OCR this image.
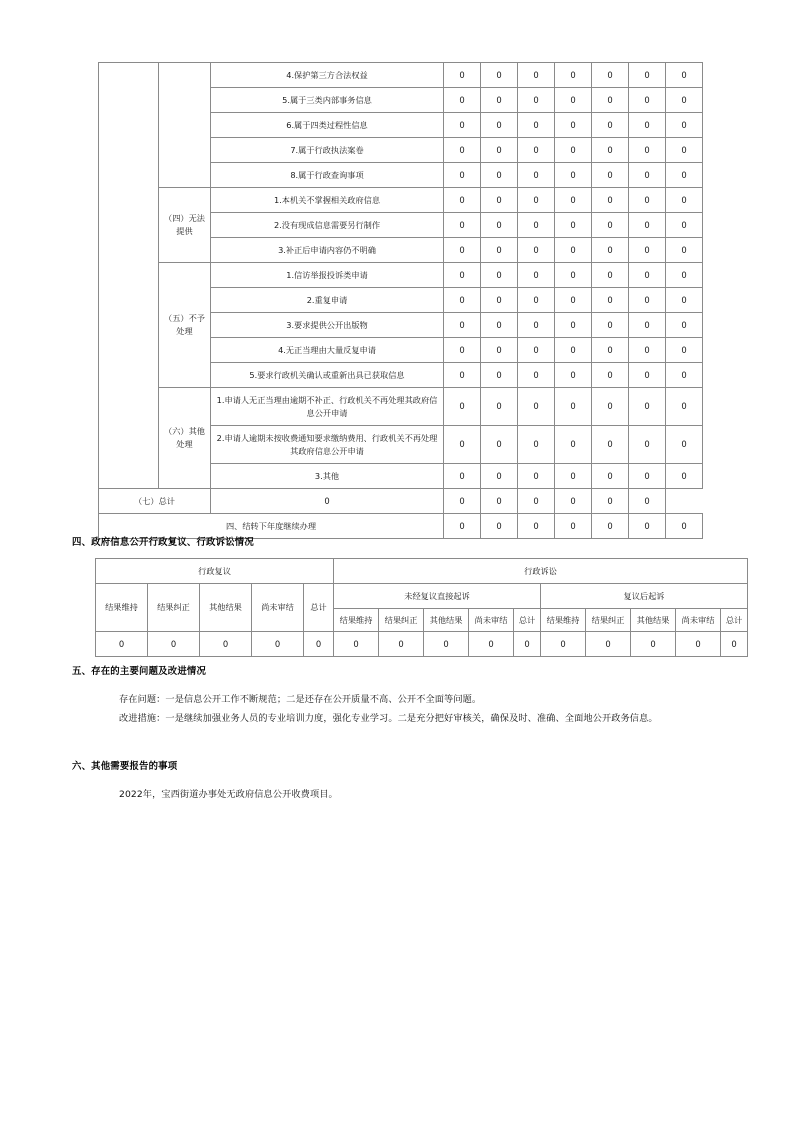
		4.保护第三方合法权益	0	0	0	0	0	0	0
		5.属于三类内部事务信息	0	0	0	0	0	0	0
		6.属于四类过程性信息	0	0	0	0	0	0	0
		7.属于行政执法案卷	0	0	0	0	0	0	0
		8.属于行政查询事项	0	0	0	0	0	0	0
	（四）无法提供	1.本机关不掌握相关政府信息	0	0	0	0	0	0	0
		2.没有现成信息需要另行制作	0	0	0	0	0	0	0
		3.补正后申请内容仍不明确	0	0	0	0	0	0	0
	（五）不予处理	1.信访举报投诉类申请	0	0	0	0	0	0	0
		2.重复申请	0	0	0	0	0	0	0
		3.要求提供公开出版物	0	0	0	0	0	0	0
		4.无正当理由大量反复申请	0	0	0	0	0	0	0
		5.要求行政机关确认或重新出具已获取信息	0	0	0	0	0	0	0
	（六）其他处理	1.申请人无正当理由逾期不补正、行政机关不再处理其政府信息公开申请	0	0	0	0	0	0	0
		2.申请人逾期未按收费通知要求缴纳费用、行政机关不再处理其政府信息公开申请	0	0	0	0	0	0	0
		3.其他	0	0	0	0	0	0	0
（七）总计		0	0	0	0	0	0	0	
四、结转下年度继续办理			0	0	0	0	0	0	0
四、政府信息公开行政复议、行政诉讼情况
行政复议					行政诉讼									
结果维持	结果纠正	其他结果	尚未审结	总计	未经复议直接起诉					复议后起诉				
					结果维持	结果纠正	其他结果	尚未审结	总计	结果维持	结果纠正	其他结果	尚未审结	总计
0	0	0	0	0	0	0	0	0	0	0	0	0	0	0
五、存在的主要问题及改进情况
存在问题：一是信息公开工作不断规范；二是还存在公开质量不高、公开不全面等问题。
改进措施：一是继续加强业务人员的专业培训力度，强化专业学习。二是充分把好审核关，确保及时、准确、全面地公开政务信息。
六、其他需要报告的事项
2022年，宝西街道办事处无政府信息公开收费项目。
